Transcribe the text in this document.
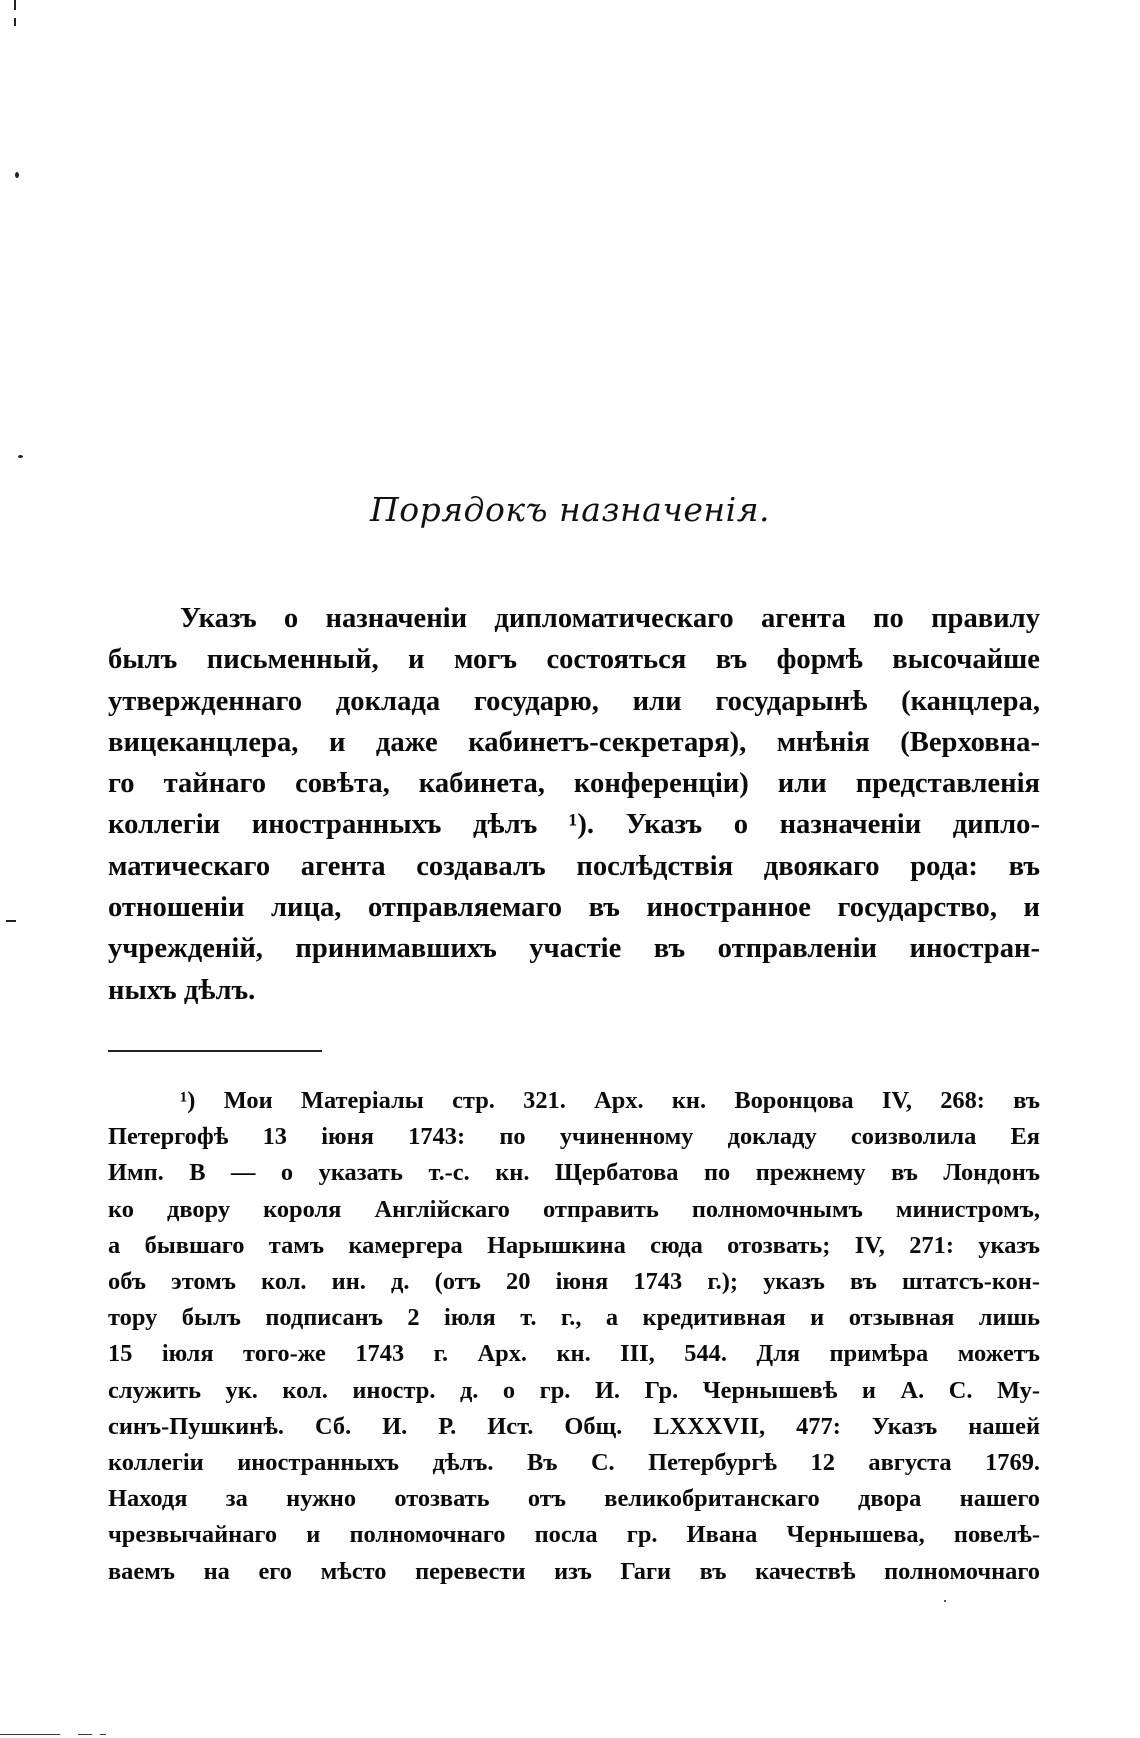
Порядокъ назначенія.
Указъ о назначеніи дипломатическаго агента по правилу
былъ письменный, и могъ состояться въ формѣ высочайше
утвержденнаго доклада государю, или государынѣ (канцлера,
вицеканцлера, и даже кабинетъ-секретаря), мнѣнія (Верховна-
го тайнаго совѣта, кабинета, конференціи) или представленія
коллегіи иностранныхъ дѣлъ ¹). Указъ о назначеніи дипло-
матическаго агента создавалъ послѣдствія двоякаго рода: въ
отношеніи лица, отправляемаго въ иностранное государство, и
учрежденій, принимавшихъ участіе въ отправленіи иностран-
ныхъ дѣлъ.
¹) Мои Матеріалы стр. 321. Арх. кн. Воронцова IV, 268: въ
Петергофѣ 13 іюня 1743: по учиненному докладу соизволила Ея
Имп. В — о указать т.-с. кн. Щербатова по прежнему въ Лондонъ
ко двору короля Англійскаго отправить полномочнымъ министромъ,
а бывшаго тамъ камергера Нарышкина сюда отозвать; IV, 271: указъ
объ этомъ кол. ин. д. (отъ 20 іюня 1743 г.); указъ въ штатсъ-кон-
тору былъ подписанъ 2 іюля т. г., а кредитивная и отзывная лишь
15 іюля того-же 1743 г. Арх. кн. III, 544. Для примѣра можетъ
служить ук. кол. иностр. д. о гр. И. Гр. Чернышевѣ и А. С. Му-
синъ-Пушкинѣ. Сб. И. Р. Ист. Общ. LXXXVII, 477: Указъ нашей
коллегіи иностранныхъ дѣлъ. Въ С. Петербургѣ 12 августа 1769.
Находя за нужно отозвать отъ великобританскаго двора нашего
чрезвычайнаго и полномочнаго посла гр. Ивана Чернышева, повелѣ-
ваемъ на его мѣсто перевести изъ Гаги въ качествѣ полномочнаго
